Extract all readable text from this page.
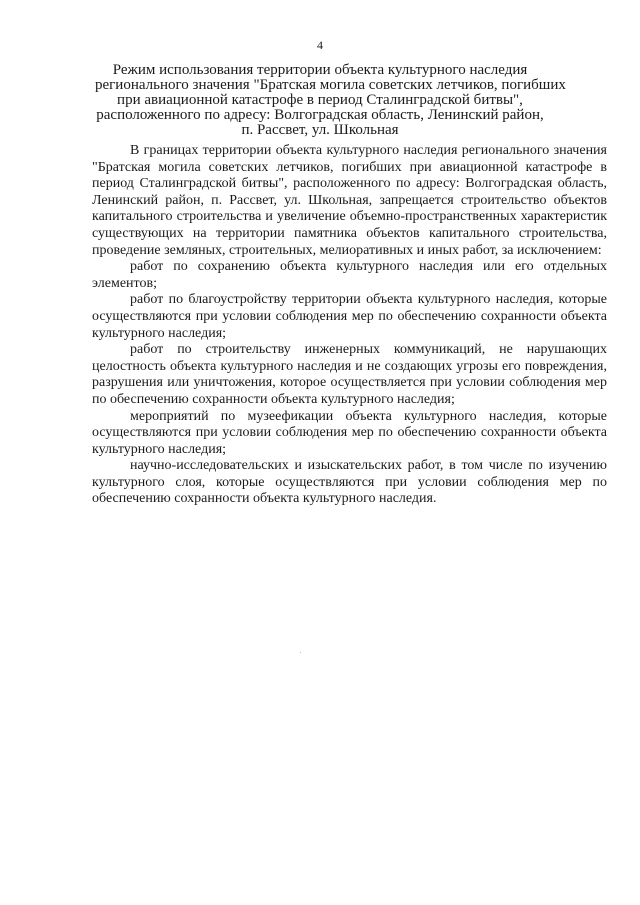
4
Режим использования территории объекта культурного наследия
регионального значения "Братская могила советских летчиков, погибших
при авиационной катастрофе в период Сталинградской битвы",
расположенного по адресу: Волгоградская область, Ленинский район,
п. Рассвет, ул. Школьная

В границах территории объекта культурного наследия регионального значения "Братская могила советских летчиков, погибших при авиационной катастрофе в период Сталинградской битвы", расположенного по адресу: Волгоградская область, Ленинский район, п. Рассвет, ул. Школьная, запрещается строительство объектов капитального строительства и увеличение объемно-пространственных характеристик существующих на территории памятника объектов капитального строительства, проведение земляных, строительных, мелиоративных и иных работ, за исключением:

работ по сохранению объекта культурного наследия или его отдельных элементов;

работ по благоустройству территории объекта культурного наследия, которые осуществляются при условии соблюдения мер по обеспечению сохранности объекта культурного наследия;

работ по строительству инженерных коммуникаций, не нарушающих целостность объекта культурного наследия и не создающих угрозы его повреждения, разрушения или уничтожения, которое осуществляется при условии соблюдения мер по обеспечению сохранности объекта культурного наследия;

мероприятий по музеефикации объекта культурного наследия, которые осуществляются при условии соблюдения мер по обеспечению сохранности объекта культурного наследия;

научно-исследовательских и изыскательских работ, в том числе по изучению культурного слоя, которые осуществляются при условии соблюдения мер по обеспечению сохранности объекта культурного наследия.
